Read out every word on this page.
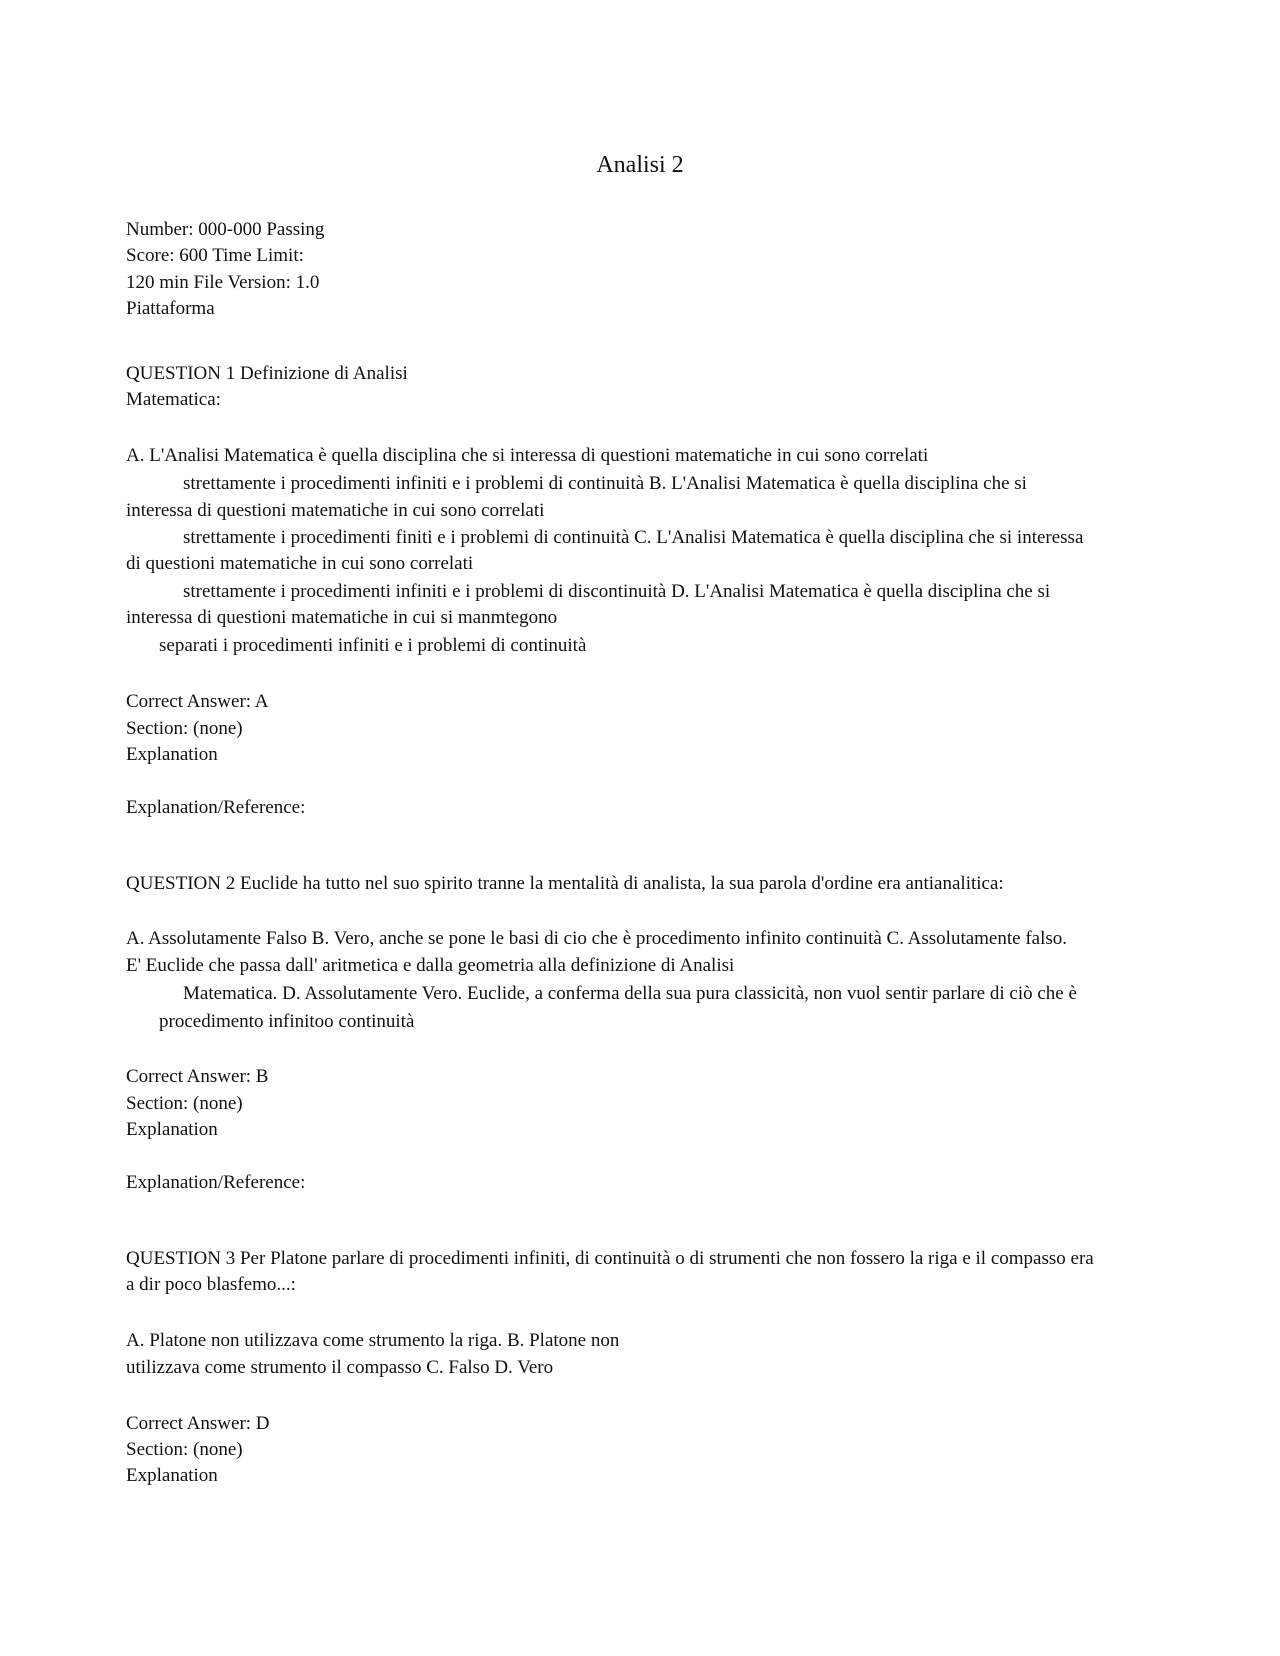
Analisi 2
Number: 000-000 Passing
Score: 600 Time Limit:
120 min File Version: 1.0
Piattaforma
QUESTION 1 Definizione di Analisi
Matematica:
A. L'Analisi Matematica è quella disciplina che si interessa di questioni matematiche in cui sono correlati
strettamente i procedimenti infiniti e i problemi di continuità B. L'Analisi Matematica è quella disciplina che si
interessa di questioni matematiche in cui sono correlati
strettamente i procedimenti finiti e i problemi di continuità C. L'Analisi Matematica è quella disciplina che si interessa
di questioni matematiche in cui sono correlati
strettamente i procedimenti infiniti e i problemi di discontinuità D. L'Analisi Matematica è quella disciplina che si
interessa di questioni matematiche in cui si manmtegono
separati i procedimenti infiniti e i problemi di continuità
Correct Answer: A
Section: (none)
Explanation
Explanation/Reference:
QUESTION 2 Euclide ha tutto nel suo spirito tranne la mentalità di analista, la sua parola d'ordine era antianalitica:
A. Assolutamente Falso B. Vero, anche se pone le basi di cio che è procedimento infinito continuità C. Assolutamente falso.
E' Euclide che passa dall' aritmetica e dalla geometria alla definizione di Analisi
Matematica. D. Assolutamente Vero. Euclide, a conferma della sua pura classicità, non vuol sentir parlare di ciò che è
procedimento infinitoo continuità
Correct Answer: B
Section: (none)
Explanation
Explanation/Reference:
QUESTION 3 Per Platone parlare di procedimenti infiniti, di continuità o di strumenti che non fossero la riga e il compasso era
a dir poco blasfemo...:
A. Platone non utilizzava come strumento la riga. B. Platone non
utilizzava come strumento il compasso C. Falso D. Vero
Correct Answer: D
Section: (none)
Explanation
